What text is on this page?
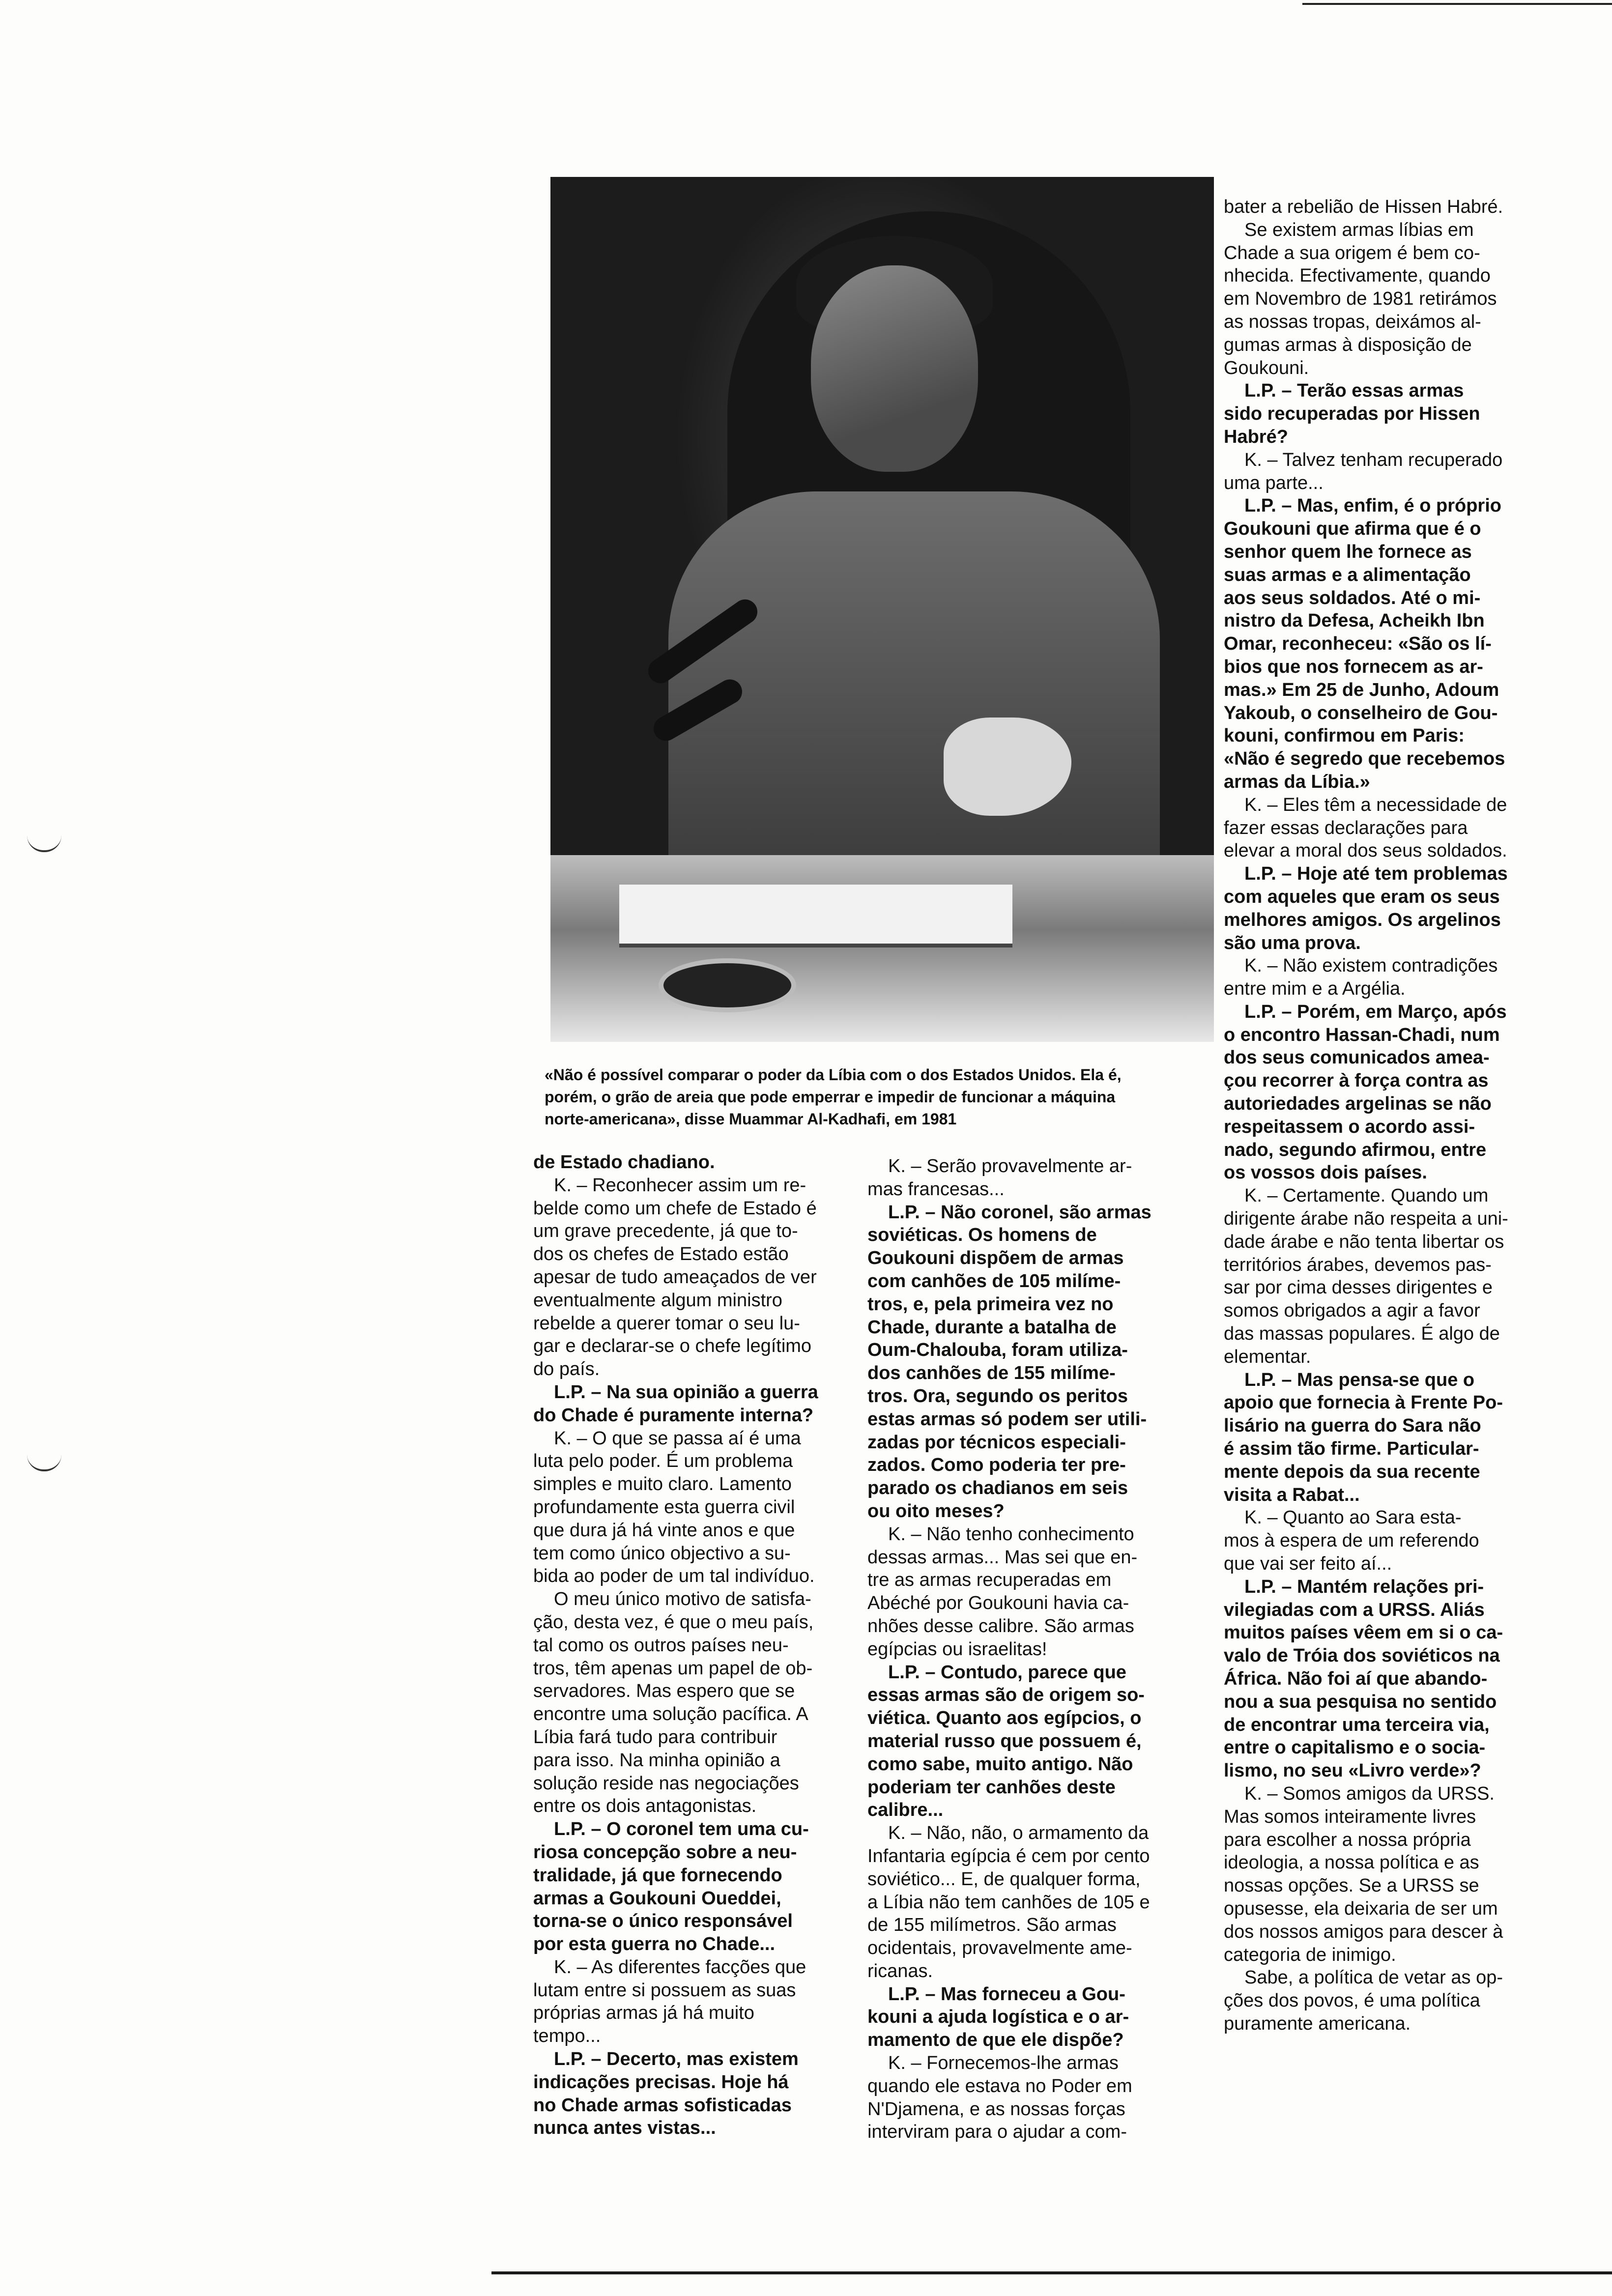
«Não é possível comparar o poder da Líbia com o dos Estados Unidos. Ela é,
porém, o grão de areia que pode emperrar e impedir de funcionar a máquina
norte-americana», disse Muammar Al-Kadhafi, em 1981
de Estado chadiano.
K. – Reconhecer assim um re-
belde como um chefe de Estado é
um grave precedente, já que to-
dos os chefes de Estado estão
apesar de tudo ameaçados de ver
eventualmente algum ministro
rebelde a querer tomar o seu lu-
gar e declarar-se o chefe legítimo
do país.
L.P. – Na sua opinião a guerra
do Chade é puramente interna?
K. – O que se passa aí é uma
luta pelo poder. É um problema
simples e muito claro. Lamento
profundamente esta guerra civil
que dura já há vinte anos e que
tem como único objectivo a su-
bida ao poder de um tal indivíduo.
O meu único motivo de satisfa-
ção, desta vez, é que o meu país,
tal como os outros países neu-
tros, têm apenas um papel de ob-
servadores. Mas espero que se
encontre uma solução pacífica. A
Líbia fará tudo para contribuir
para isso. Na minha opinião a
solução reside nas negociações
entre os dois antagonistas.
L.P. – O coronel tem uma cu-
riosa concepção sobre a neu-
tralidade, já que fornecendo
armas a Goukouni Oueddei,
torna-se o único responsável
por esta guerra no Chade...
K. – As diferentes facções que
lutam entre si possuem as suas
próprias armas já há muito
tempo...
L.P. – Decerto, mas existem
indicações precisas. Hoje há
no Chade armas sofisticadas
nunca antes vistas...
K. – Serão provavelmente ar-
mas francesas...
L.P. – Não coronel, são armas
soviéticas. Os homens de
Goukouni dispõem de armas
com canhões de 105 milíme-
tros, e, pela primeira vez no
Chade, durante a batalha de
Oum-Chalouba, foram utiliza-
dos canhões de 155 milíme-
tros. Ora, segundo os peritos
estas armas só podem ser utili-
zadas por técnicos especiali-
zados. Como poderia ter pre-
parado os chadianos em seis
ou oito meses?
K. – Não tenho conhecimento
dessas armas... Mas sei que en-
tre as armas recuperadas em
Abéché por Goukouni havia ca-
nhões desse calibre. São armas
egípcias ou israelitas!
L.P. – Contudo, parece que
essas armas são de origem so-
viética. Quanto aos egípcios, o
material russo que possuem é,
como sabe, muito antigo. Não
poderiam ter canhões deste
calibre...
K. – Não, não, o armamento da
Infantaria egípcia é cem por cento
soviético... E, de qualquer forma,
a Líbia não tem canhões de 105 e
de 155 milímetros. São armas
ocidentais, provavelmente ame-
ricanas.
L.P. – Mas forneceu a Gou-
kouni a ajuda logística e o ar-
mamento de que ele dispõe?
K. – Fornecemos-lhe armas
quando ele estava no Poder em
N'Djamena, e as nossas forças
interviram para o ajudar a com-
bater a rebelião de Hissen Habré.
Se existem armas líbias em
Chade a sua origem é bem co-
nhecida. Efectivamente, quando
em Novembro de 1981 retirámos
as nossas tropas, deixámos al-
gumas armas à disposição de
Goukouni.
L.P. – Terão essas armas
sido recuperadas por Hissen
Habré?
K. – Talvez tenham recuperado
uma parte...
L.P. – Mas, enfim, é o próprio
Goukouni que afirma que é o
senhor quem lhe fornece as
suas armas e a alimentação
aos seus soldados. Até o mi-
nistro da Defesa, Acheikh Ibn
Omar, reconheceu: «São os lí-
bios que nos fornecem as ar-
mas.» Em 25 de Junho, Adoum
Yakoub, o conselheiro de Gou-
kouni, confirmou em Paris:
«Não é segredo que recebemos
armas da Líbia.»
K. – Eles têm a necessidade de
fazer essas declarações para
elevar a moral dos seus soldados.
L.P. – Hoje até tem problemas
com aqueles que eram os seus
melhores amigos. Os argelinos
são uma prova.
K. – Não existem contradições
entre mim e a Argélia.
L.P. – Porém, em Março, após
o encontro Hassan-Chadi, num
dos seus comunicados amea-
çou recorrer à força contra as
autoriedades argelinas se não
respeitassem o acordo assi-
nado, segundo afirmou, entre
os vossos dois países.
K. – Certamente. Quando um
dirigente árabe não respeita a uni-
dade árabe e não tenta libertar os
territórios árabes, devemos pas-
sar por cima desses dirigentes e
somos obrigados a agir a favor
das massas populares. É algo de
elementar.
L.P. – Mas pensa-se que o
apoio que fornecia à Frente Po-
lisário na guerra do Sara não
é assim tão firme. Particular-
mente depois da sua recente
visita a Rabat...
K. – Quanto ao Sara esta-
mos à espera de um referendo
que vai ser feito aí...
L.P. – Mantém relações pri-
vilegiadas com a URSS. Aliás
muitos países vêem em si o ca-
valo de Tróia dos soviéticos na
África. Não foi aí que abando-
nou a sua pesquisa no sentido
de encontrar uma terceira via,
entre o capitalismo e o socia-
lismo, no seu «Livro verde»?
K. – Somos amigos da URSS.
Mas somos inteiramente livres
para escolher a nossa própria
ideologia, a nossa política e as
nossas opções. Se a URSS se
opusesse, ela deixaria de ser um
dos nossos amigos para descer à
categoria de inimigo.
Sabe, a política de vetar as op-
ções dos povos, é uma política
puramente americana.
